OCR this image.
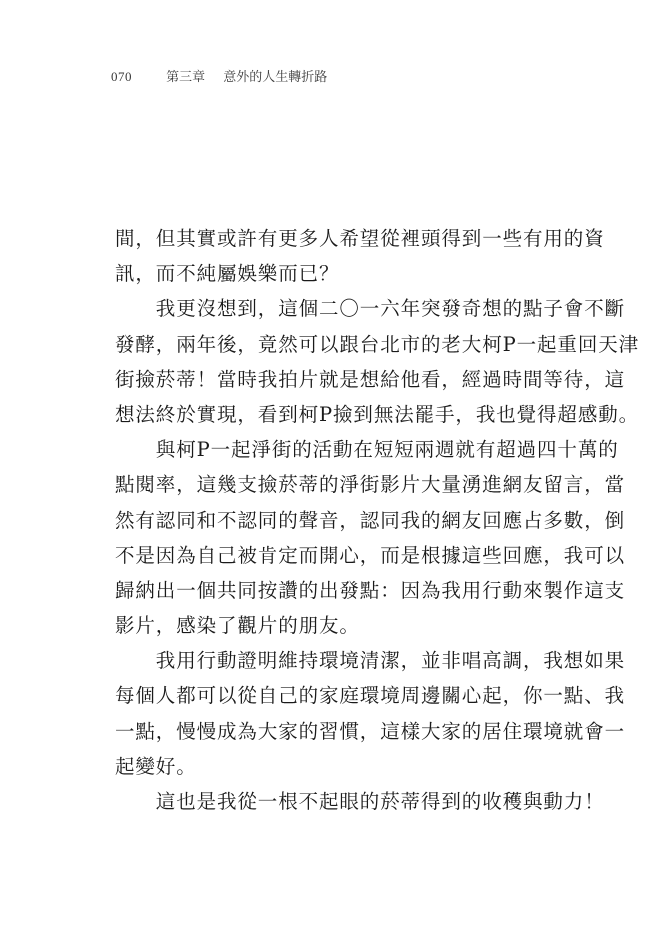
070	第三章 意外的人生轉折路
間，但其實或許有更多人希望從裡頭得到一些有用的資
訊，而不純屬娛樂而已？
　　我更沒想到，這個二〇一六年突發奇想的點子會不斷
發酵，兩年後，竟然可以跟台北市的老大柯P一起重回天津
街撿菸蒂！當時我拍片就是想給他看，經過時間等待，這
想法終於實現，看到柯P撿到無法罷手，我也覺得超感動。
　　與柯P一起淨街的活動在短短兩週就有超過四十萬的
點閱率，這幾支撿菸蒂的淨街影片大量湧進網友留言，當
然有認同和不認同的聲音，認同我的網友回應占多數，倒
不是因為自己被肯定而開心，而是根據這些回應，我可以
歸納出一個共同按讚的出發點：因為我用行動來製作這支
影片，感染了觀片的朋友。
　　我用行動證明維持環境清潔，並非唱高調，我想如果
每個人都可以從自己的家庭環境周邊關心起，你一點、我
一點，慢慢成為大家的習慣，這樣大家的居住環境就會一
起變好。
　　這也是我從一根不起眼的菸蒂得到的收穫與動力！
